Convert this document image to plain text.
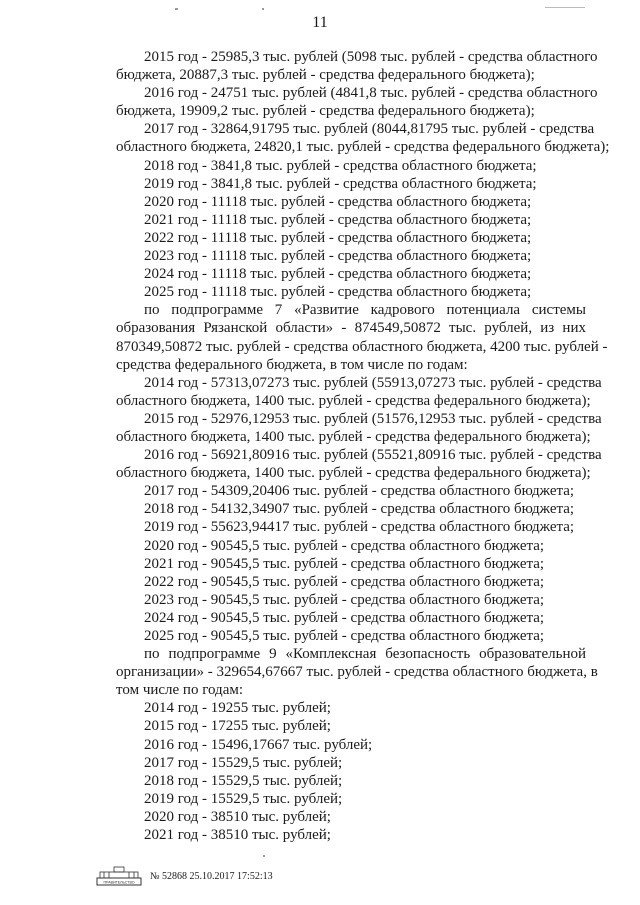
11
2015 год - 25985,3 тыс. рублей (5098 тыс. рублей - средства областного
бюджета, 20887,3 тыс. рублей - средства федерального бюджета);
2016 год - 24751 тыс. рублей (4841,8 тыс. рублей - средства областного
бюджета, 19909,2 тыс. рублей - средства федерального бюджета);
2017 год - 32864,91795 тыс. рублей (8044,81795 тыс. рублей - средства
областного бюджета, 24820,1 тыс. рублей - средства федерального бюджета);
2018 год - 3841,8 тыс. рублей - средства областного бюджета;
2019 год - 3841,8 тыс. рублей - средства областного бюджета;
2020 год - 11118 тыс. рублей - средства областного бюджета;
2021 год - 11118 тыс. рублей - средства областного бюджета;
2022 год - 11118 тыс. рублей - средства областного бюджета;
2023 год - 11118 тыс. рублей - средства областного бюджета;
2024 год - 11118 тыс. рублей - средства областного бюджета;
2025 год - 11118 тыс. рублей - средства областного бюджета;
по подпрограмме 7 «Развитие кадрового потенциала системы
образования Рязанской области» - 874549,50872 тыс. рублей, из них
870349,50872 тыс. рублей - средства областного бюджета, 4200 тыс. рублей -
средства федерального бюджета, в том числе по годам:
2014 год - 57313,07273 тыс. рублей (55913,07273 тыс. рублей - средства
областного бюджета, 1400 тыс. рублей - средства федерального бюджета);
2015 год - 52976,12953 тыс. рублей (51576,12953 тыс. рублей - средства
областного бюджета, 1400 тыс. рублей - средства федерального бюджета);
2016 год - 56921,80916 тыс. рублей (55521,80916 тыс. рублей - средства
областного бюджета, 1400 тыс. рублей - средства федерального бюджета);
2017 год - 54309,20406 тыс. рублей - средства областного бюджета;
2018 год - 54132,34907 тыс. рублей - средства областного бюджета;
2019 год - 55623,94417 тыс. рублей - средства областного бюджета;
2020 год - 90545,5 тыс. рублей - средства областного бюджета;
2021 год - 90545,5 тыс. рублей - средства областного бюджета;
2022 год - 90545,5 тыс. рублей - средства областного бюджета;
2023 год - 90545,5 тыс. рублей - средства областного бюджета;
2024 год - 90545,5 тыс. рублей - средства областного бюджета;
2025 год - 90545,5 тыс. рублей - средства областного бюджета;
по подпрограмме 9 «Комплексная безопасность образовательной
организации» - 329654,67667 тыс. рублей - средства областного бюджета, в
том числе по годам:
2014 год - 19255 тыс. рублей;
2015 год - 17255 тыс. рублей;
2016 год - 15496,17667 тыс. рублей;
2017 год - 15529,5 тыс. рублей;
2018 год - 15529,5 тыс. рублей;
2019 год - 15529,5 тыс. рублей;
2020 год - 38510 тыс. рублей;
2021 год - 38510 тыс. рублей;
ПРАВИТЕЛЬСТВО
№ 52868 25.10.2017 17:52:13
